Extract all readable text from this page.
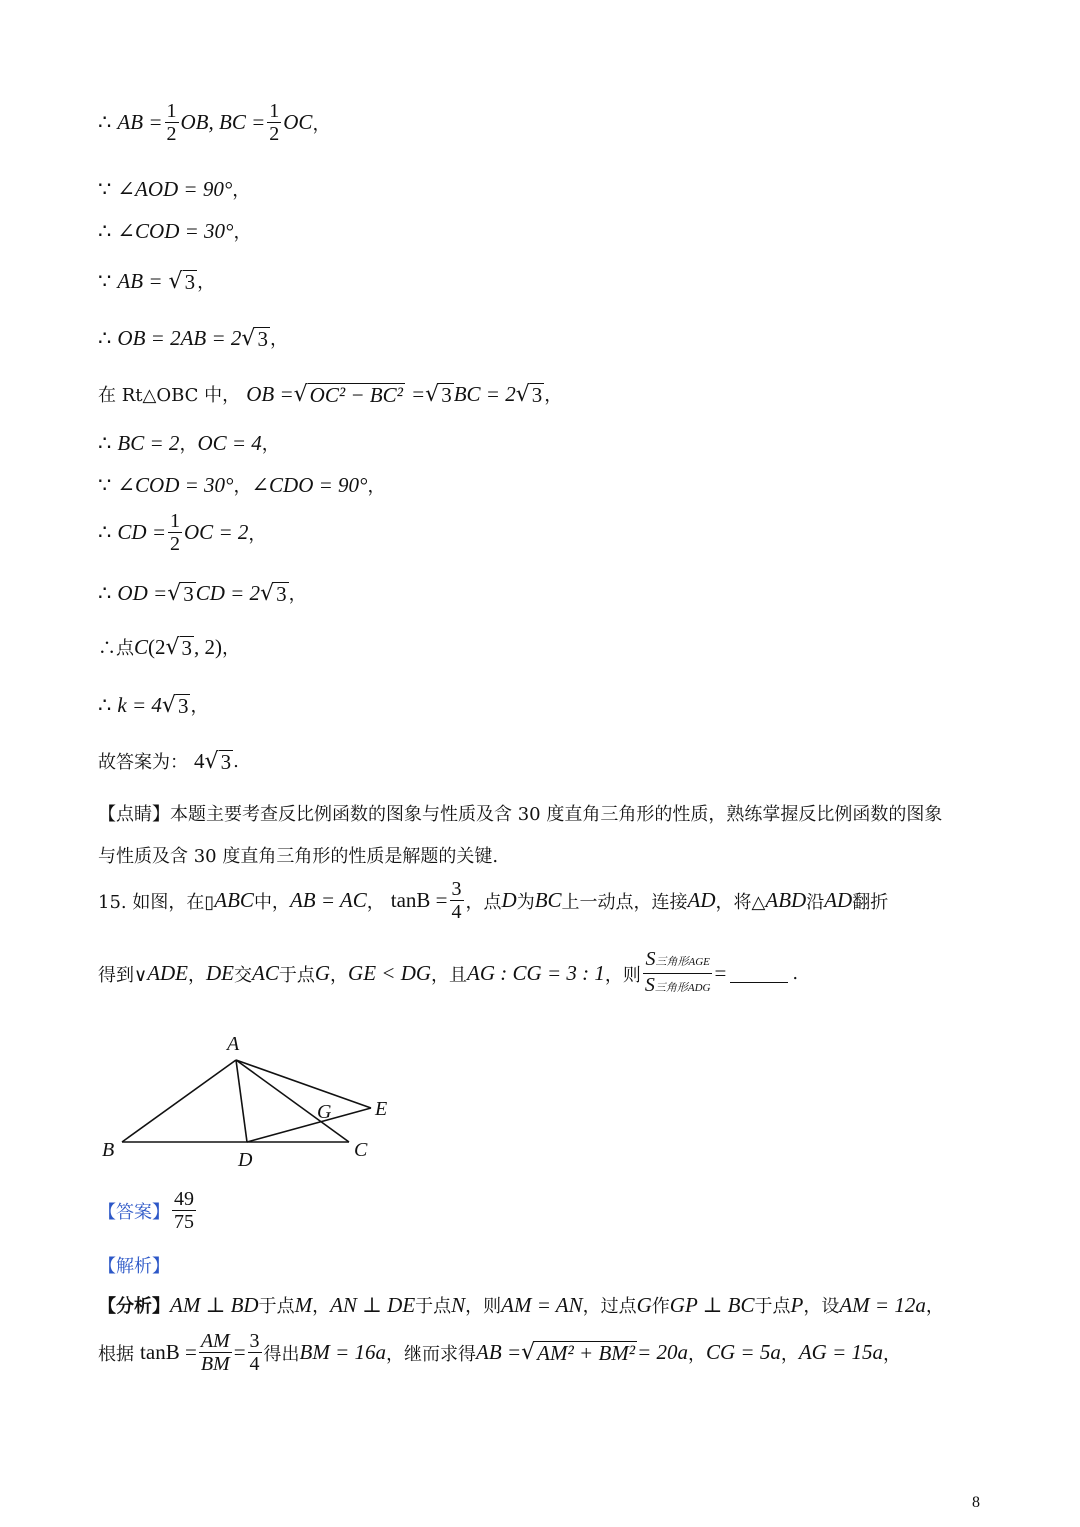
∴
AB = $\frac{1}{2}$ OB, BC = $\frac{1}{2}$ OC ，
∵
∠AOD = 90° ，
∴
∠COD = 30° ，
∵
AB =
√ 3 ，
∴
OB = 2AB = 2 √ 3 ，
在 Rt△OBC 中，
OB = √ OC² − BC²
= √ 3 BC = 2 √ 3 ，
∴
BC = 2 ， OC = 4 ，
∵
∠COD = 30° ， ∠CDO = 90° ，
∴
CD = $\frac{1}{2}$ OC = 2 ，
∴
OD = √ 3 CD = 2 √ 3 ，
∴点 C (2 √ 3 , 2) ，
∴
k = 4 √ 3 ，
故答案为：
4 √ 3 .
【点睛】本题主要考查反比例函数的图象与性质及含 30 度直角三角形的性质，熟练掌握反比例函数的图象
与性质及含 30 度直角三角形的性质是解题的关键.
15. 如图，在▯ ABC 中， AB = AC ，
$\tan B = \frac{3}{4}$ ，点 D 为 BC 上一动点，连接 AD ，将△ ABD 沿 AD 翻折
得到∨ ADE ， DE 交 AC 于点 G ， GE < DG ，且 AG : CG = 3 : 1 ，则 $\frac{\text{S三角形AGE}}{\text{S三角形ADG}}$ =	.
A
B	C
D
E
G
【答案】 $\frac{49}{75}$
【解析】
【分析】 AM ⊥ BD 于点 M ， AN ⊥ DE 于点 N ，则 AM = AN ，过点 G 作 GP ⊥ BC 于点 P ，设 AM = 12a ，
根据
$\tan B = \frac{AM}{BM} = \frac{3}{4}$ 得出 BM = 16a ，继而求得 AB = √ AM² + BM² = 20a ， CG = 5a ， AG = 15a ，
8
